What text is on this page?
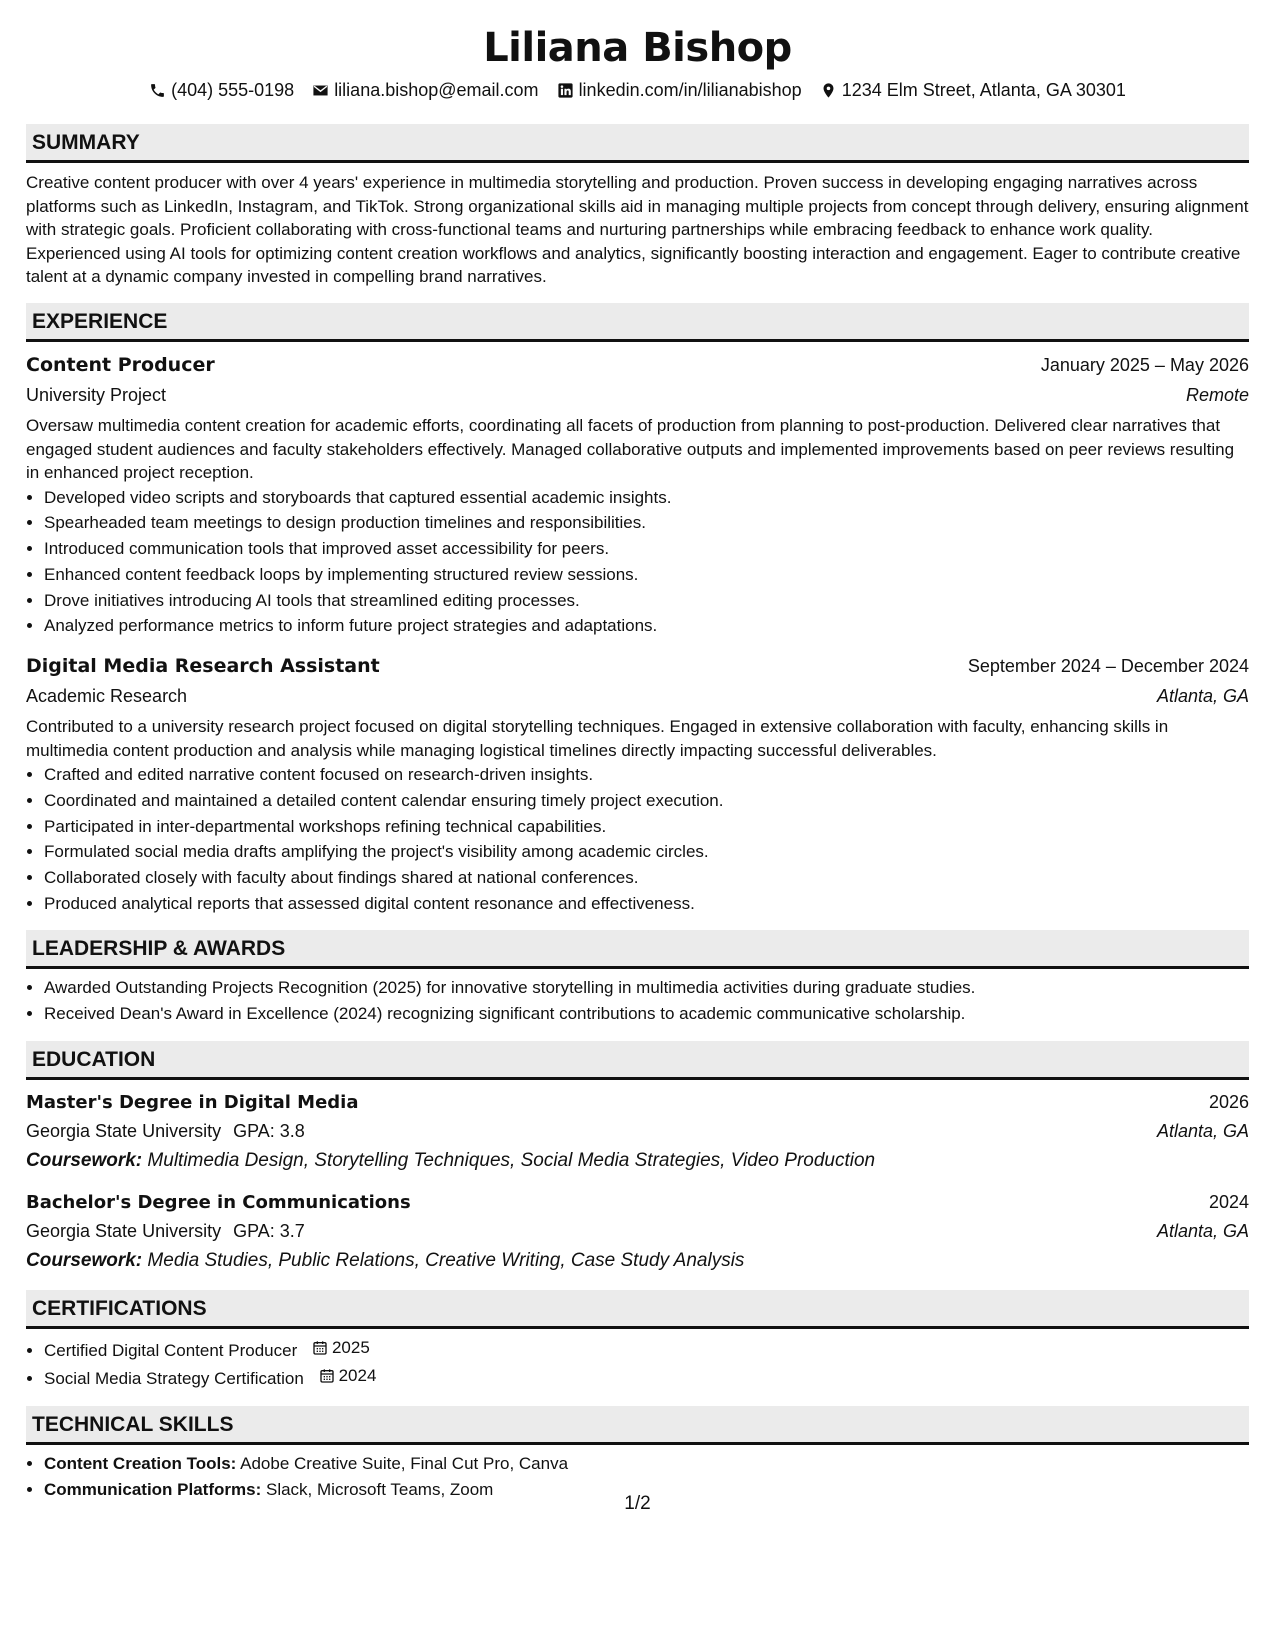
Liliana Bishop
(404) 555-0198 liliana.bishop@email.com linkedin.com/in/lilianabishop 1234 Elm Street, Atlanta, GA 30301
SUMMARY

Creative content producer with over 4 years' experience in multimedia storytelling and production. Proven success in developing engaging narratives across platforms such as LinkedIn, Instagram, and TikTok. Strong organizational skills aid in managing multiple projects from concept through delivery, ensuring alignment with strategic goals. Proficient collaborating with cross-functional teams and nurturing partnerships while embracing feedback to enhance work quality. Experienced using AI tools for optimizing content creation workflows and analytics, significantly boosting interaction and engagement. Eager to contribute creative talent at a dynamic company invested in compelling brand narratives.

EXPERIENCE
Content Producer	January 2025 – May 2026
University Project	Remote

Oversaw multimedia content creation for academic efforts, coordinating all facets of production from planning to post-production. Delivered clear narratives that engaged student audiences and faculty stakeholders effectively. Managed collaborative outputs and implemented improvements based on peer reviews resulting in enhanced project reception.

• Developed video scripts and storyboards that captured essential academic insights.
• Spearheaded team meetings to design production timelines and responsibilities.
• Introduced communication tools that improved asset accessibility for peers.
• Enhanced content feedback loops by implementing structured review sessions.
• Drove initiatives introducing AI tools that streamlined editing processes.
• Analyzed performance metrics to inform future project strategies and adaptations.
Digital Media Research Assistant	September 2024 – December 2024
Academic Research	Atlanta, GA

Contributed to a university research project focused on digital storytelling techniques. Engaged in extensive collaboration with faculty, enhancing skills in multimedia content production and analysis while managing logistical timelines directly impacting successful deliverables.

• Crafted and edited narrative content focused on research-driven insights.
• Coordinated and maintained a detailed content calendar ensuring timely project execution.
• Participated in inter-departmental workshops refining technical capabilities.
• Formulated social media drafts amplifying the project's visibility among academic circles.
• Collaborated closely with faculty about findings shared at national conferences.
• Produced analytical reports that assessed digital content resonance and effectiveness.
LEADERSHIP & AWARDS
• Awarded Outstanding Projects Recognition (2025) for innovative storytelling in multimedia activities during graduate studies.
• Received Dean's Award in Excellence (2024) recognizing significant contributions to academic communicative scholarship.
EDUCATION
Master's Degree in Digital Media	2026
Georgia State University GPA: 3.8	Atlanta, GA
Coursework: Multimedia Design, Storytelling Techniques, Social Media Strategies, Video Production
Bachelor's Degree in Communications	2024
Georgia State University GPA: 3.7	Atlanta, GA
Coursework: Media Studies, Public Relations, Creative Writing, Case Study Analysis
CERTIFICATIONS
• Certified Digital Content Producer 2025
• Social Media Strategy Certification 2024
TECHNICAL SKILLS
• Content Creation Tools: Adobe Creative Suite, Final Cut Pro, Canva
• Communication Platforms: Slack, Microsoft Teams, Zoom
1/2
